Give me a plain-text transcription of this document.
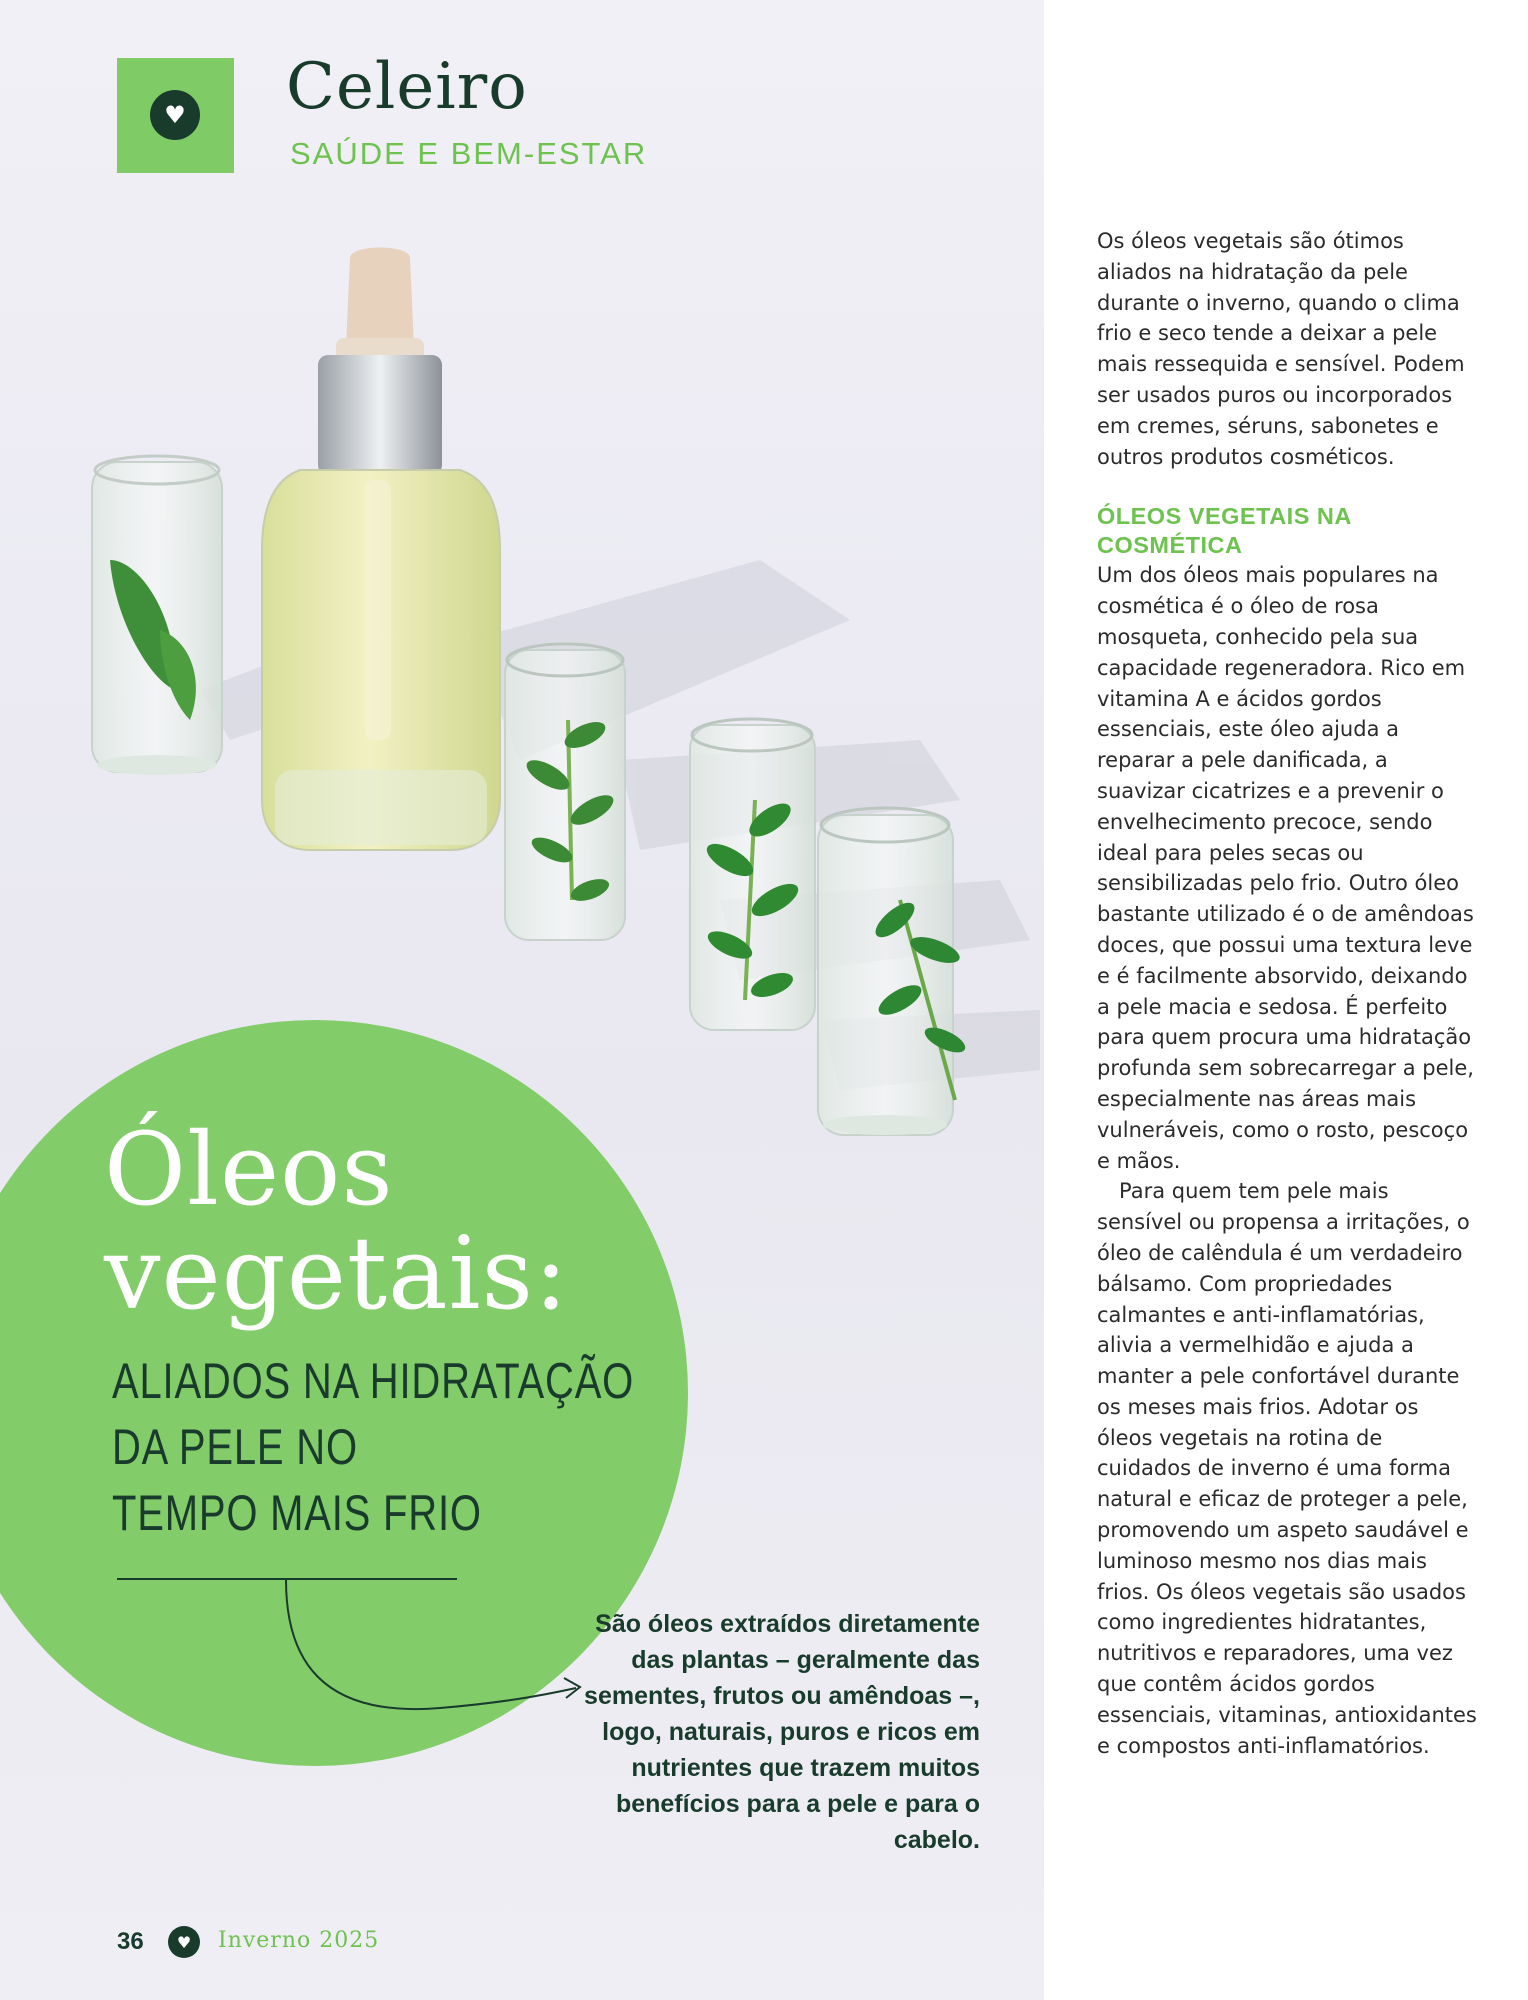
♥ Celeiro
SAÚDE E BEM-ESTAR
Óleos
vegetais:
ALIADOS NA HIDRATAÇÃO
DA PELE NO
TEMPO MAIS FRIO
São óleos extraídos diretamente das plantas – geralmente das sementes, frutos ou amêndoas –, logo, naturais, puros e ricos em nutrientes que trazem muitos benefícios para a pele e para o cabelo.
36	♥	Inverno 2025

Os óleos vegetais são ótimos aliados na hidratação da pele durante o inverno, quando o clima frio e seco tende a deixar a pele mais ressequida e sensível. Podem ser usados puros ou incorporados em cremes, séruns, sabonetes e outros produtos cosméticos.

ÓLEOS VEGETAIS NA COSMÉTICA

Um dos óleos mais populares na cosmética é o óleo de rosa mosqueta, conhecido pela sua capacidade regeneradora. Rico em vitamina A e ácidos gordos essenciais, este óleo ajuda a reparar a pele danificada, a suavizar cicatrizes e a prevenir o envelhecimento precoce, sendo ideal para peles secas ou sensibilizadas pelo frio. Outro óleo bastante utilizado é o de amêndoas doces, que possui uma textura leve e é facilmente absorvido, deixando a pele macia e sedosa. É perfeito para quem procura uma hidratação profunda sem sobrecarregar a pele, especialmente nas áreas mais vulneráveis, como o rosto, pescoço e mãos.

Para quem tem pele mais sensível ou propensa a irritações, o óleo de calêndula é um verdadeiro bálsamo. Com propriedades calmantes e anti-inflamatórias, alivia a vermelhidão e ajuda a manter a pele confortável durante os meses mais frios. Adotar os óleos vegetais na rotina de cuidados de inverno é uma forma natural e eficaz de proteger a pele, promovendo um aspeto saudável e luminoso mesmo nos dias mais frios. Os óleos vegetais são usados como ingredientes hidratantes, nutritivos e reparadores, uma vez que contêm ácidos gordos essenciais, vitaminas, antioxidantes e compostos anti-inflamatórios.
